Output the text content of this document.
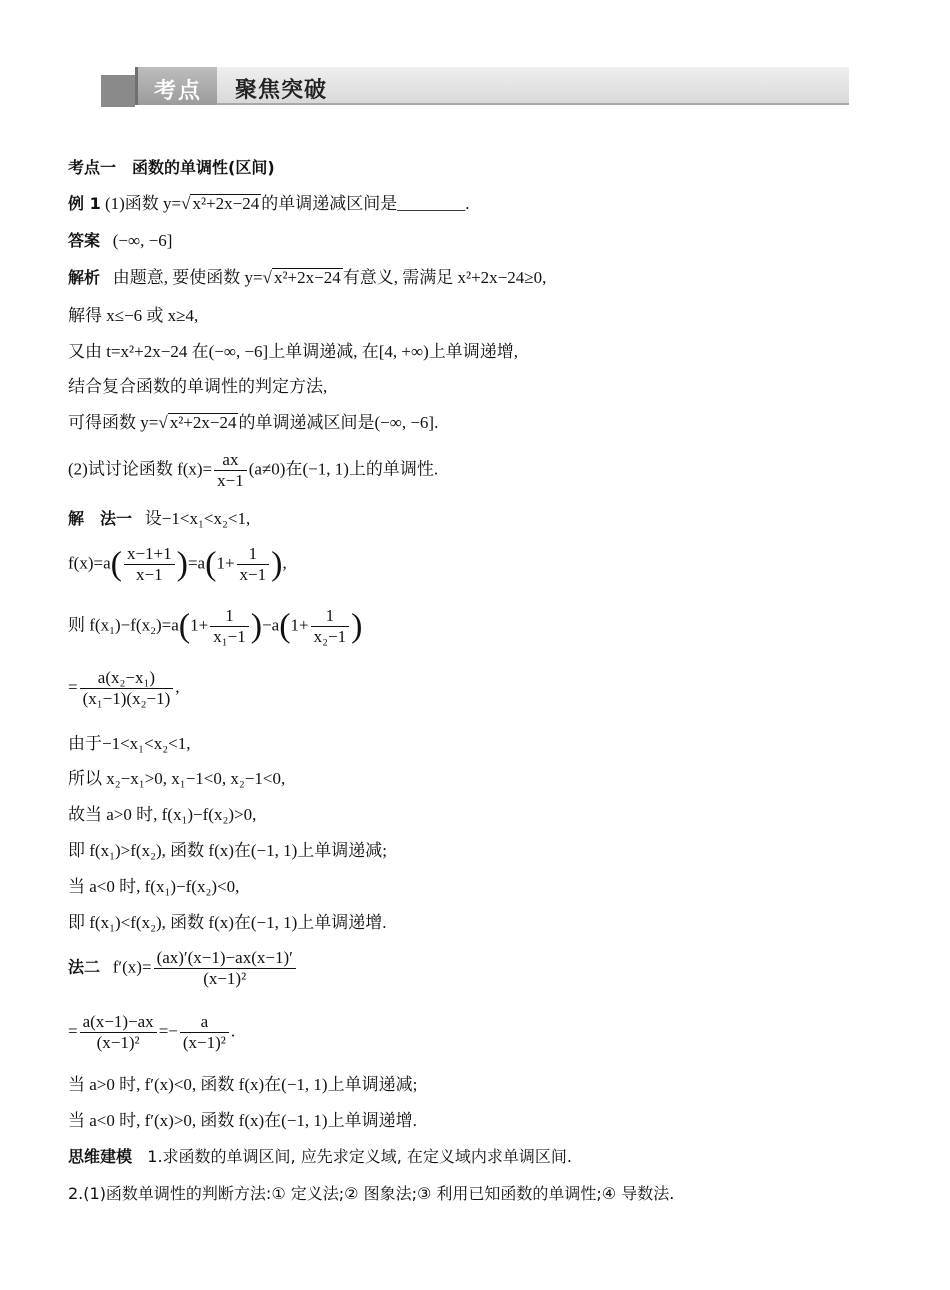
考点 聚焦突破
考点一　函数的单调性(区间)
例 1 (1)函数 y=√ x²+2x−24 的单调递减区间是________.
答案 (−∞, −6]
解析 由题意, 要使函数 y=√ x²+2x−24 有意义, 需满足 x²+2x−24≥0,
解得 x≤−6 或 x≥4,
又由 t=x²+2x−24 在(−∞, −6]上单调递减, 在[4, +∞)上单调递增,
结合复合函数的单调性的判定方法,
可得函数 y=√ x²+2x−24 的单调递减区间是(−∞, −6].
(2)试讨论函数 $f(x)= \frac{ax}{x-1} (a\ne 0)$在(−1, 1)上的单调性.
解　法一 设−1<x₁<x₂<1,
$f(x)=a( \frac{x-1+1}{x-1} )=a(1+ \frac{1}{x-1}$ ),
则 $f(x_1)-f(x_2)=a(1+ \frac{1}{\text{x₁−1}} )-a(1+ \frac{1}{\text{x₂−1}}$ )
= $\frac{\text{a(x₂−x₁)}}{\text{(x₁−1)(x₂−1)}}$ ,
由于−1<x₁<x₂<1,
所以 x₂−x₁>0, x₁−1<0, x₂−1<0,
故当 a>0 时, f(x₁)−f(x₂)>0,
即 f(x₁)>f(x₂), 函数 f(x)在(−1, 1)上单调递减;
当 a<0 时, f(x₁)−f(x₂)<0,
即 f(x₁)<f(x₂), 函数 f(x)在(−1, 1)上单调递增.
法二 $f'(x)= \frac{(ax)'(x-1)-ax(x-1)'}{\text{(x−1)²}}$
= $\frac{a(x-1)-ax}{\text{(x−1)²}} =- \frac{a}{\text{(x−1)²}}$ .
当 a>0 时, f′(x)<0, 函数 f(x)在(−1, 1)上单调递减;
当 a<0 时, f′(x)>0, 函数 f(x)在(−1, 1)上单调递增.
思维建模 1.求函数的单调区间, 应先求定义域, 在定义域内求单调区间.
2.(1)函数单调性的判断方法:① 定义法;② 图象法;③ 利用已知函数的单调性;④ 导数法.
